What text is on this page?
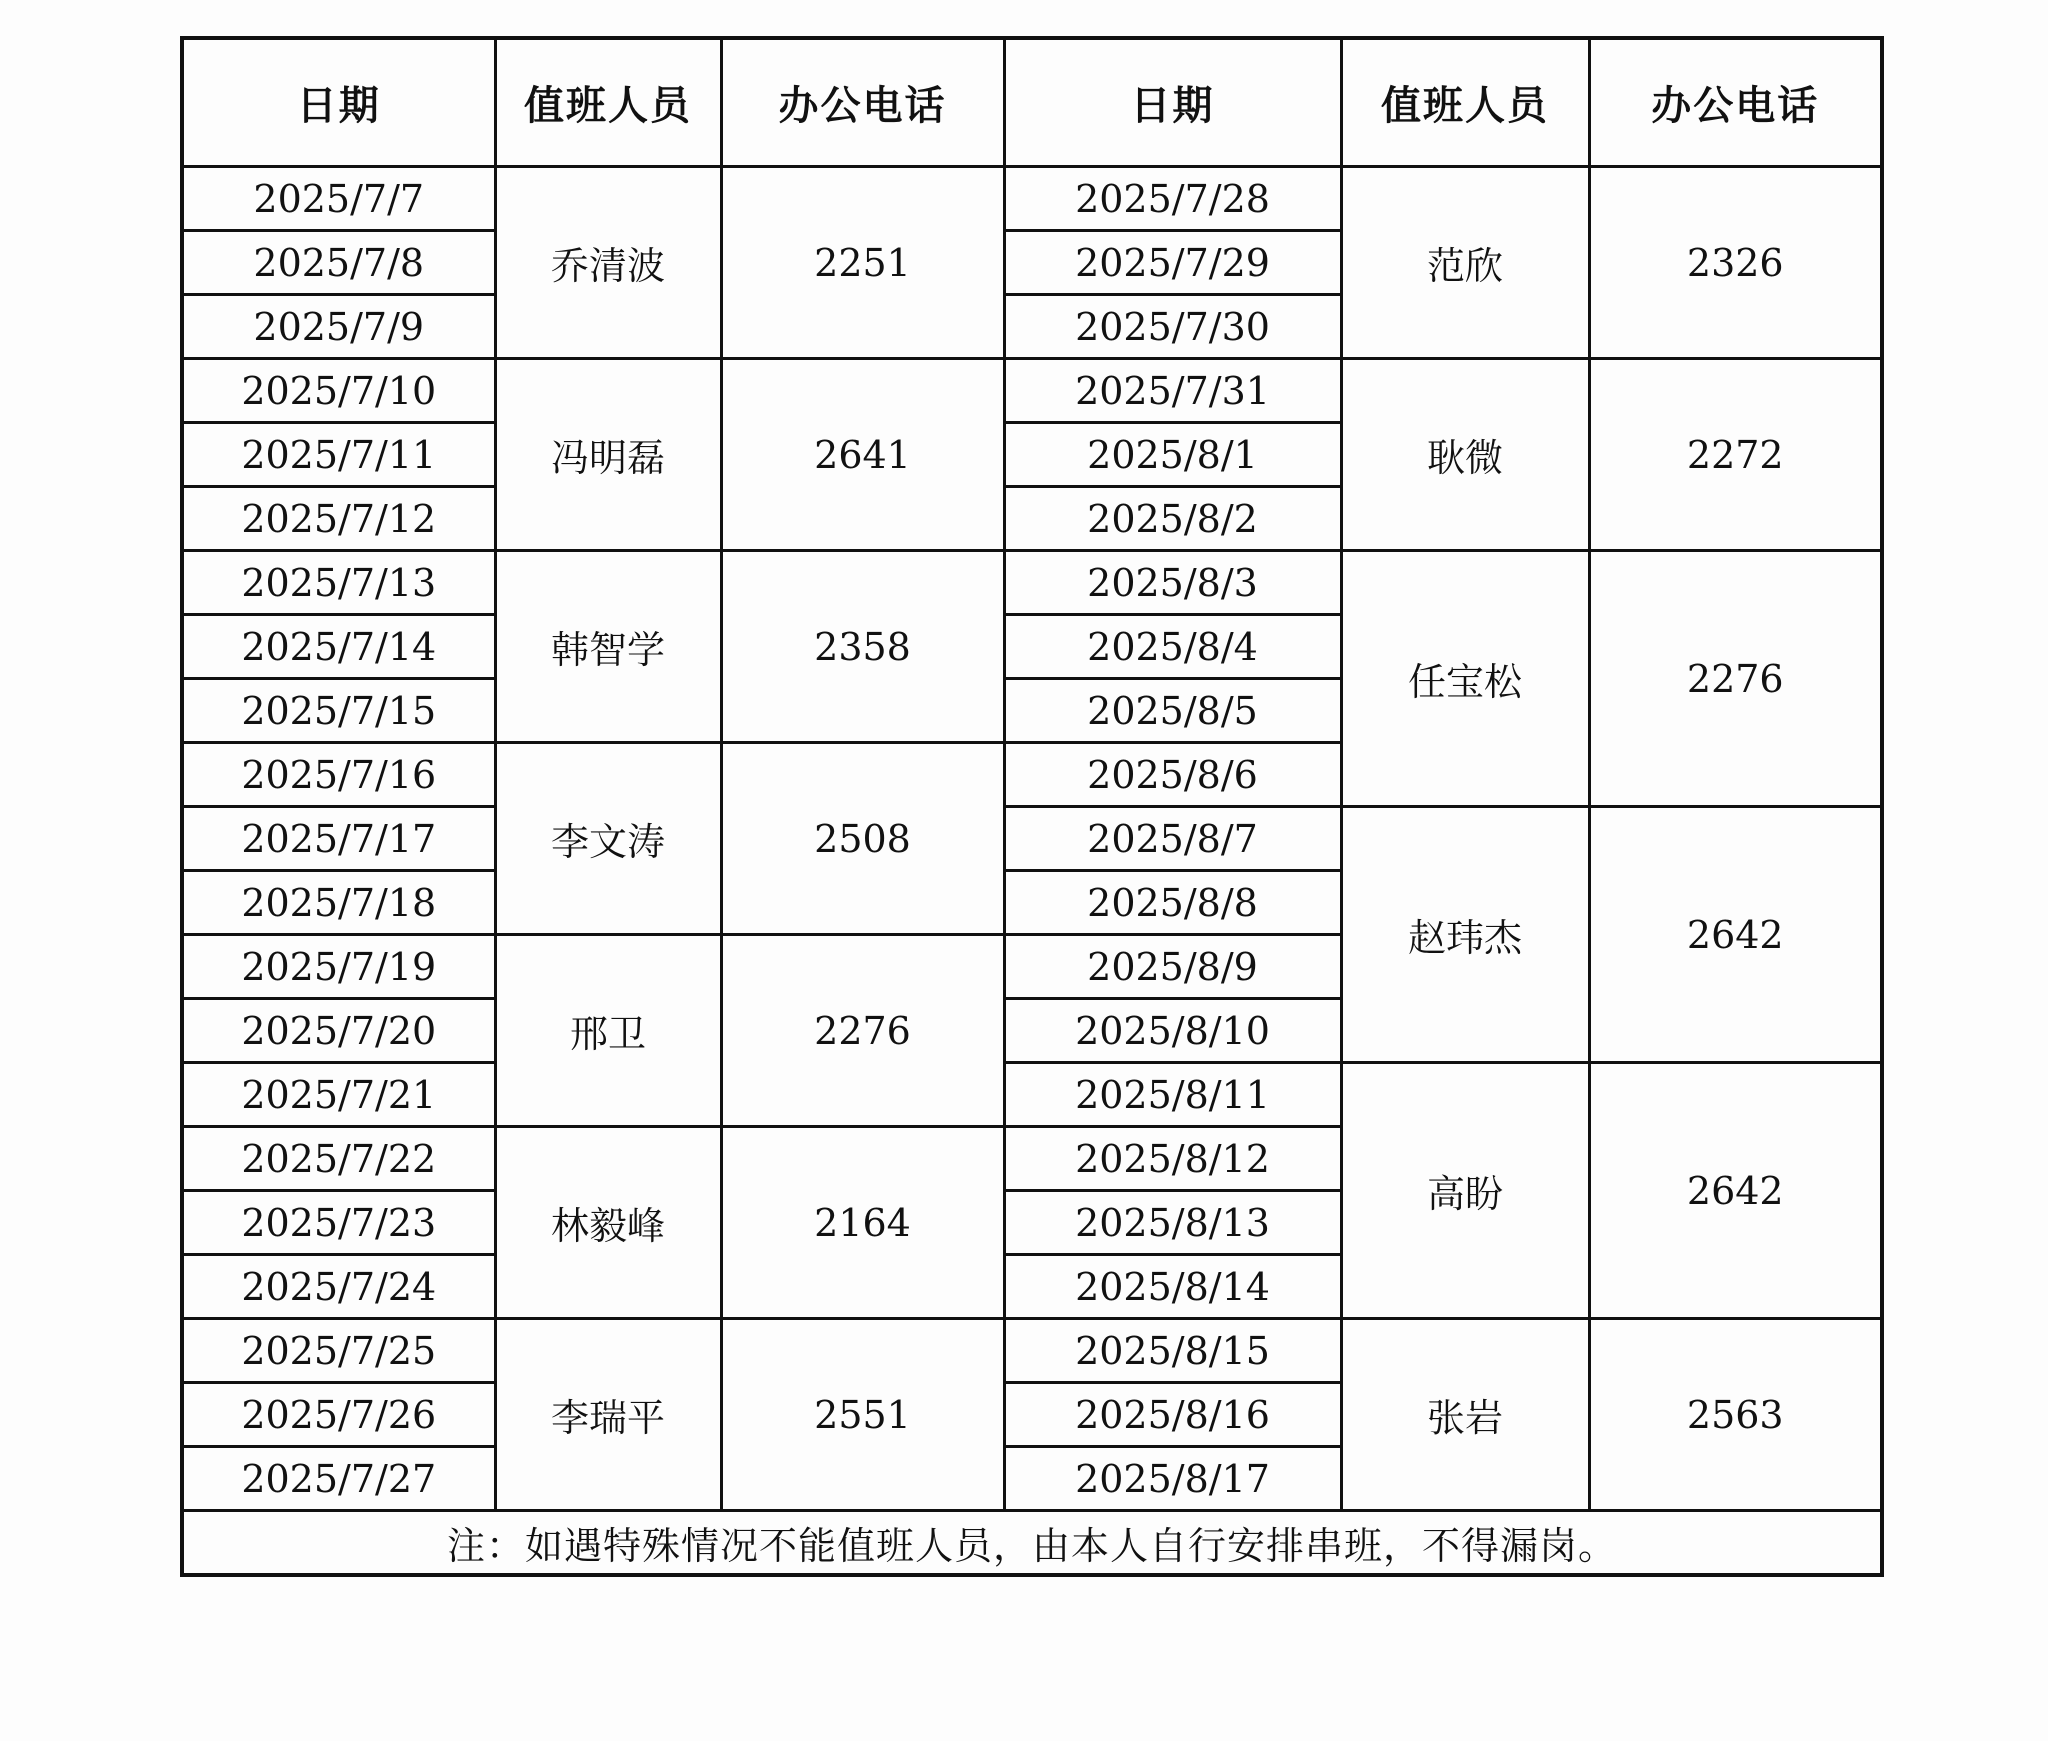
日期	值班人员	办公电话	日期	值班人员	办公电话
2025/7/7	乔清波	2251	2025/7/28	范欣	2326
2025/7/8			2025/7/29		
2025/7/9			2025/7/30		
2025/7/10	冯明磊	2641	2025/7/31	耿微	2272
2025/7/11			2025/8/1		
2025/7/12			2025/8/2		
2025/7/13	韩智学	2358	2025/8/3	任宝松	2276
2025/7/14			2025/8/4		
2025/7/15			2025/8/5		
2025/7/16	李文涛	2508	2025/8/6		
2025/7/17			2025/8/7	赵玮杰	2642
2025/7/18			2025/8/8		
2025/7/19	邢卫	2276	2025/8/9		
2025/7/20			2025/8/10		
2025/7/21			2025/8/11	高盼	2642
2025/7/22	林毅峰	2164	2025/8/12		
2025/7/23			2025/8/13		
2025/7/24			2025/8/14		
2025/7/25	李瑞平	2551	2025/8/15	张岩	2563
2025/7/26			2025/8/16		
2025/7/27			2025/8/17		
注：如遇特殊情况不能值班人员，由本人自行安排串班，不得漏岗。					
